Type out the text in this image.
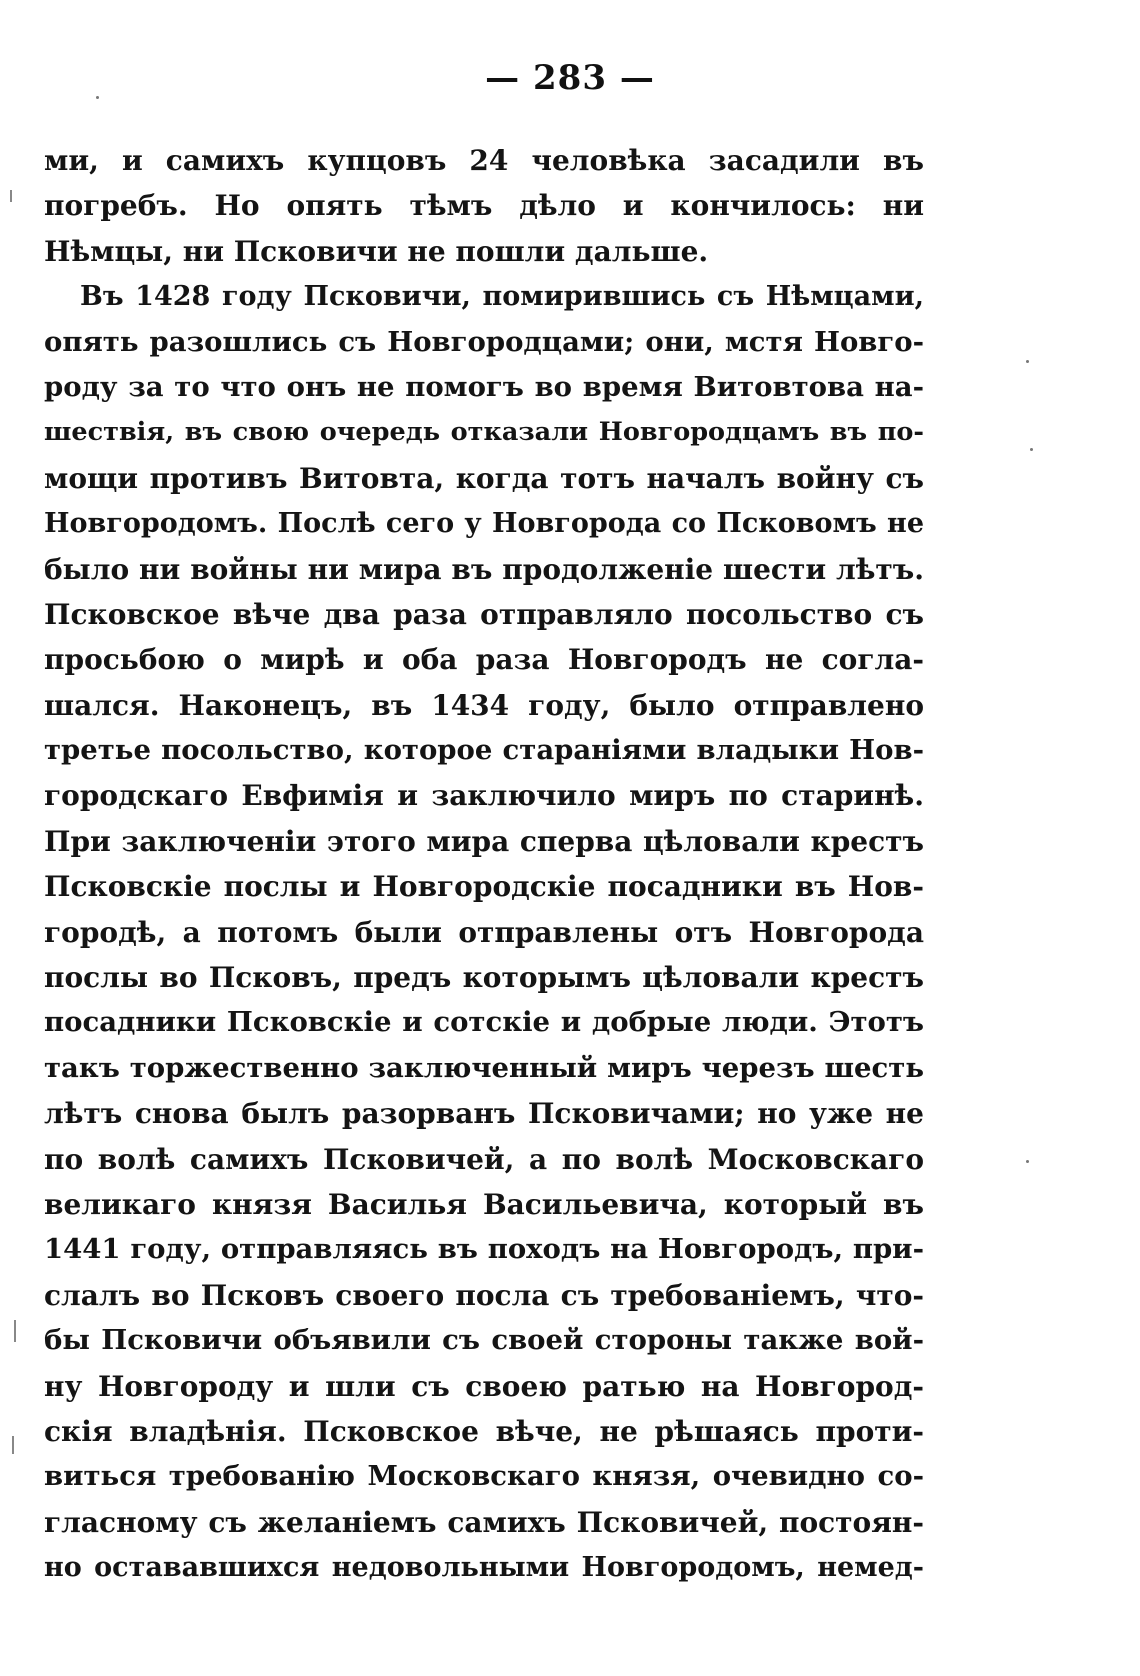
— 283 —
ми, и самихъ купцовъ 24 человѣка засадили въ
погребъ. Но опять тѣмъ дѣло и кончилось: ни
Нѣмцы, ни Псковичи не пошли дальше.
Въ 1428 году Псковичи, помирившись съ Нѣмцами,
опять разошлись съ Новгородцами; они, мстя Новго-
роду за то что онъ не помогъ во время Витовтова на-
шествія, въ свою очередь отказали Новгородцамъ въ по-
мощи противъ Витовта, когда тотъ началъ войну съ
Новгородомъ. Послѣ сего у Новгорода со Псковомъ не
было ни войны ни мира въ продолженіе шести лѣтъ.
Псковское вѣче два раза отправляло посольство съ
просьбою о мирѣ и оба раза Новгородъ не согла-
шался. Наконецъ, въ 1434 году, было отправлено
третье посольство, которое стараніями владыки Нов-
городскаго Евфимія и заключило миръ по старинѣ.
При заключеніи этого мира сперва цѣловали крестъ
Псковскіе послы и Новгородскіе посадники въ Нов-
городѣ, а потомъ были отправлены отъ Новгорода
послы во Псковъ, предъ которымъ цѣловали крестъ
посадники Псковскіе и сотскіе и добрые люди. Этотъ
такъ торжественно заключенный миръ черезъ шесть
лѣтъ снова былъ разорванъ Псковичами; но уже не
по волѣ самихъ Псковичей, а по волѣ Московскаго
великаго князя Василья Васильевича, который въ
1441 году, отправляясь въ походъ на Новгородъ, при-
слалъ во Псковъ своего посла съ требованіемъ, что-
бы Псковичи объявили съ своей стороны также вой-
ну Новгороду и шли съ своею ратью на Новгород-
скія владѣнія. Псковское вѣче, не рѣшаясь проти-
виться требованію Московскаго князя, очевидно со-
гласному съ желаніемъ самихъ Псковичей, постоян-
но остававшихся недовольными Новгородомъ, немед-
